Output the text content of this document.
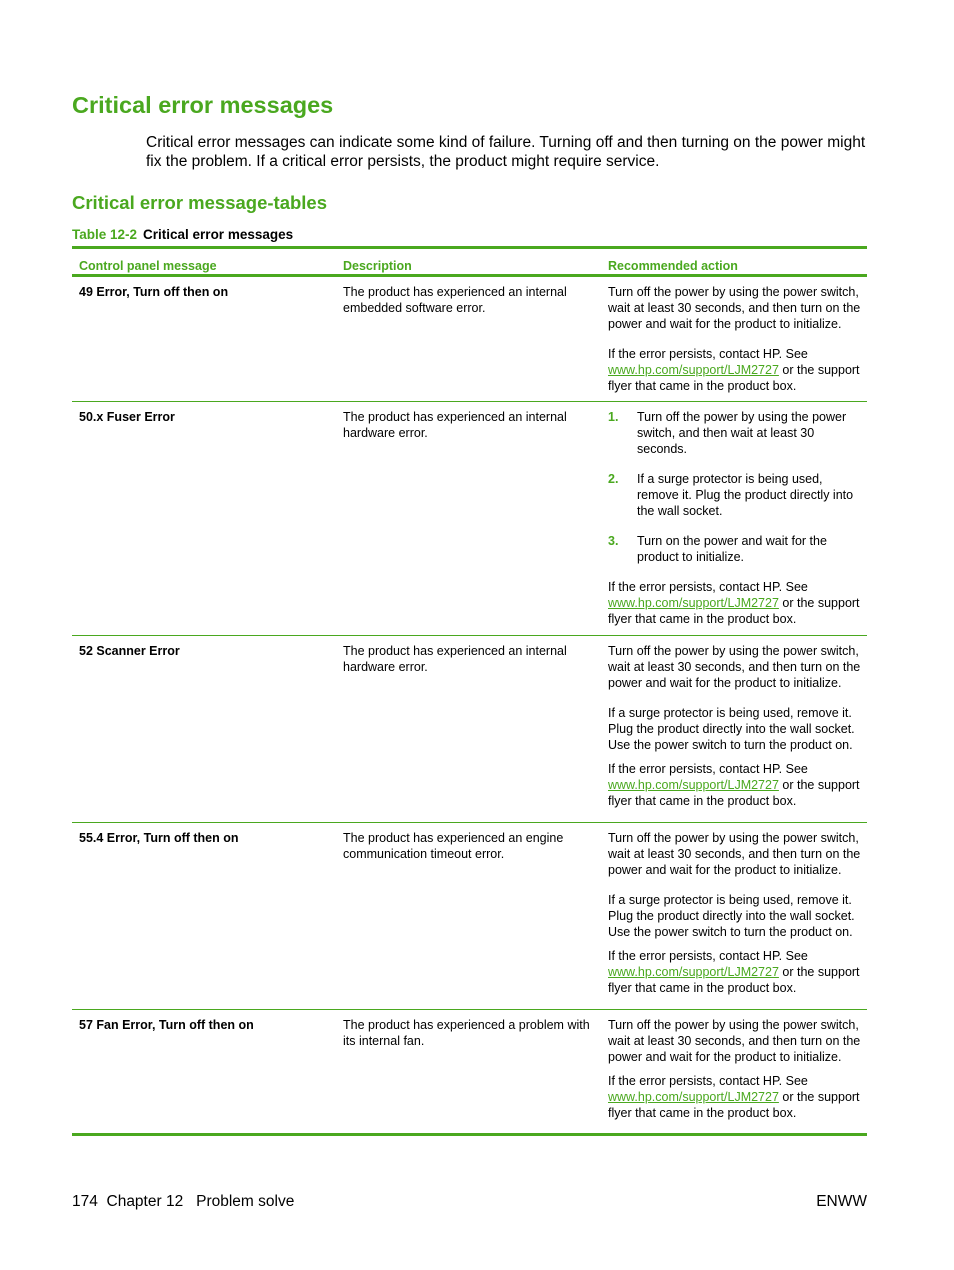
Critical error messages

Critical error messages can indicate some kind of failure. Turning off and then turning on the power might fix the problem. If a critical error persists, the product might require service.

Critical error message-tables
Table 12-2 Critical error messages
Control panel message	Description	Recommended action
49 Error, Turn off then on	The product has experienced an internal embedded software error.

Turn off the power by using the power switch, wait at least 30 seconds, and then turn on the power and wait for the product to initialize.

If the error persists, contact HP. See www.hp.com/support/LJM2727 or the support flyer that came in the product box.

50.x Fuser Error	The product has experienced an internal hardware error.
1.	Turn off the power by using the power switch, and then wait at least 30 seconds.
2.	If a surge protector is being used, remove it. Plug the product directly into the wall socket.
3.	Turn on the power and wait for the product to initialize.

If the error persists, contact HP. See www.hp.com/support/LJM2727 or the support flyer that came in the product box.

52 Scanner Error	The product has experienced an internal hardware error.

Turn off the power by using the power switch, wait at least 30 seconds, and then turn on the power and wait for the product to initialize.

If a surge protector is being used, remove it. Plug the product directly into the wall socket. Use the power switch to turn the product on.

If the error persists, contact HP. See www.hp.com/support/LJM2727 or the support flyer that came in the product box.

55.4 Error, Turn off then on	The product has experienced an engine communication timeout error.

Turn off the power by using the power switch, wait at least 30 seconds, and then turn on the power and wait for the product to initialize.

If a surge protector is being used, remove it. Plug the product directly into the wall socket. Use the power switch to turn the product on.

If the error persists, contact HP. See www.hp.com/support/LJM2727 or the support flyer that came in the product box.

57 Fan Error, Turn off then on	The product has experienced a problem with its internal fan.

Turn off the power by using the power switch, wait at least 30 seconds, and then turn on the power and wait for the product to initialize.

If the error persists, contact HP. See www.hp.com/support/LJM2727 or the support flyer that came in the product box.

174 Chapter 12 Problem solve	ENWW
